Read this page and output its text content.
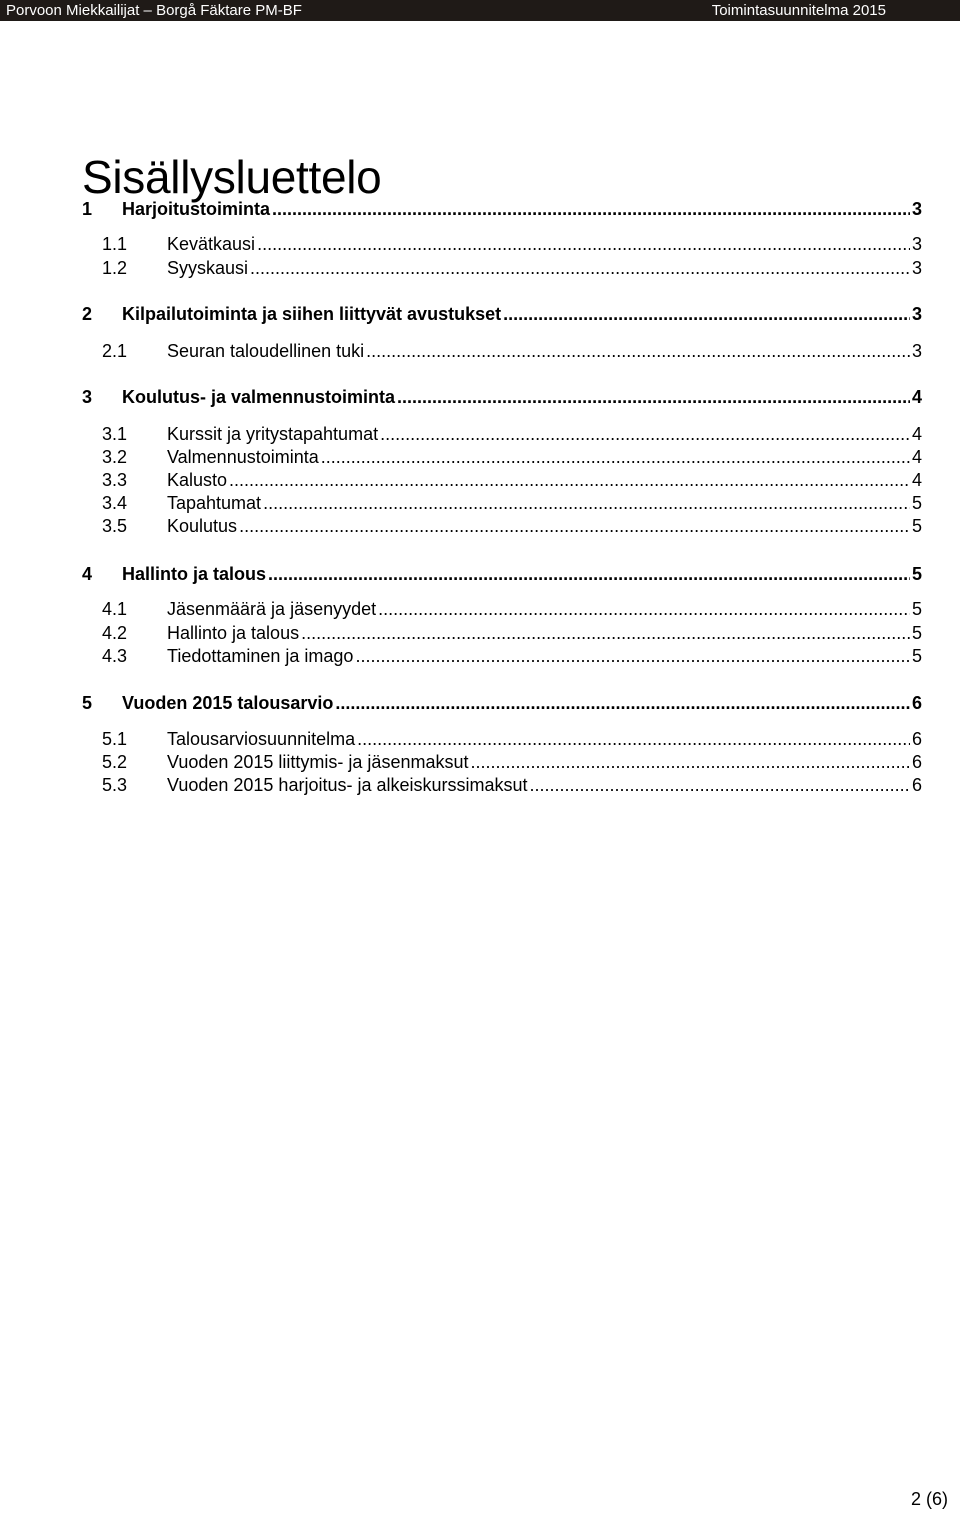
Porvoon Miekkailijat – Borgå Fäktare PM-BF	Toimintasuunnitelma 2015
Sisällysluettelo
1	Harjoitustoiminta .....	3
1.1	Kevätkausi .....	3
1.2	Syyskausi .....	3
2	Kilpailutoiminta ja siihen liittyvät avustukset .....	3
2.1	Seuran taloudellinen tuki .....	3
3	Koulutus- ja valmennustoiminta .....	4
3.1	Kurssit ja yritystapahtumat .....	4
3.2	Valmennustoiminta .....	4
3.3	Kalusto .....	4
3.4	Tapahtumat .....	5
3.5	Koulutus .....	5
4	Hallinto ja talous .....	5
4.1	Jäsenmäärä ja jäsenyydet .....	5
4.2	Hallinto ja talous .....	5
4.3	Tiedottaminen ja imago .....	5
5	Vuoden 2015 talousarvio .....	6
5.1	Talousarviosuunnitelma .....	6
5.2	Vuoden 2015 liittymis- ja jäsenmaksut .....	6
5.3	Vuoden 2015 harjoitus- ja alkeiskurssimaksut .....	6
2 (6)
